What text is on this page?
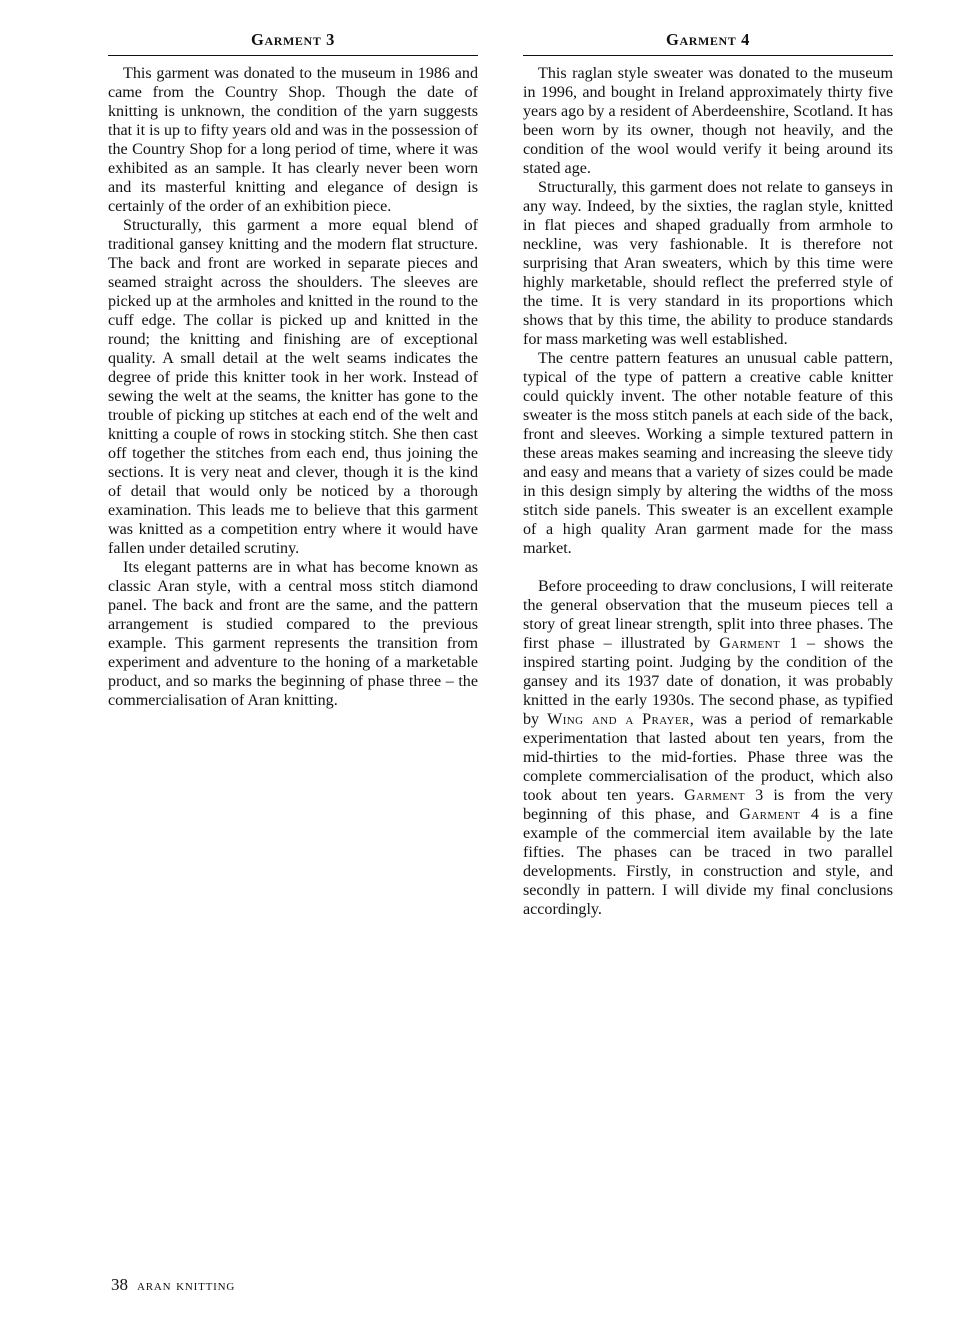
Garment 3

This garment was donated to the museum in 1986 and came from the Country Shop. Though the date of knitting is unknown, the condition of the yarn suggests that it is up to fifty years old and was in the possession of the Country Shop for a long period of time, where it was exhibited as an sample. It has clearly never been worn and its masterful knitting and elegance of design is certainly of the order of an exhibition piece.

Structurally, this garment a more equal blend of traditional gansey knitting and the modern flat structure. The back and front are worked in separate pieces and seamed straight across the shoulders. The sleeves are picked up at the armholes and knitted in the round to the cuff edge. The collar is picked up and knitted in the round; the knitting and finishing are of exceptional quality. A small detail at the welt seams indicates the degree of pride this knitter took in her work. Instead of sewing the welt at the seams, the knitter has gone to the trouble of picking up stitches at each end of the welt and knitting a couple of rows in stocking stitch. She then cast off together the stitches from each end, thus joining the sections. It is very neat and clever, though it is the kind of detail that would only be noticed by a thorough examination. This leads me to believe that this garment was knitted as a competition entry where it would have fallen under detailed scrutiny.

Its elegant patterns are in what has become known as classic Aran style, with a central moss stitch diamond panel. The back and front are the same, and the pattern arrangement is studied compared to the previous example. This garment represents the transition from experiment and adventure to the honing of a marketable product, and so marks the beginning of phase three – the commercialisation of Aran knitting.

Garment 4

This raglan style sweater was donated to the museum in 1996, and bought in Ireland approximately thirty five years ago by a resident of Aberdeenshire, Scotland. It has been worn by its owner, though not heavily, and the condition of the wool would verify it being around its stated age.

Structurally, this garment does not relate to ganseys in any way. Indeed, by the sixties, the raglan style, knitted in flat pieces and shaped gradually from armhole to neckline, was very fashionable. It is therefore not surprising that Aran sweaters, which by this time were highly marketable, should reflect the preferred style of the time. It is very standard in its proportions which shows that by this time, the ability to produce standards for mass marketing was well established.

The centre pattern features an unusual cable pattern, typical of the type of pattern a creative cable knitter could quickly invent. The other notable feature of this sweater is the moss stitch panels at each side of the back, front and sleeves. Working a simple textured pattern in these areas makes seaming and increasing the sleeve tidy and easy and means that a variety of sizes could be made in this design simply by altering the widths of the moss stitch side panels. This sweater is an excellent example of a high quality Aran garment made for the mass market.

Before proceeding to draw conclusions, I will reiterate the general observation that the museum pieces tell a story of great linear strength, split into three phases. The first phase – illustrated by Garment 1 – shows the inspired starting point. Judging by the condition of the gansey and its 1937 date of donation, it was probably knitted in the early 1930s. The second phase, as typified by Wing and a Prayer, was a period of remarkable experimentation that lasted about ten years, from the mid-thirties to the mid-forties. Phase three was the complete commercialisation of the product, which also took about ten years. Garment 3 is from the very beginning of this phase, and Garment 4 is a fine example of the commercial item available by the late fifties. The phases can be traced in two parallel developments. Firstly, in construction and style, and secondly in pattern. I will divide my final conclusions accordingly.

38 aran knitting
